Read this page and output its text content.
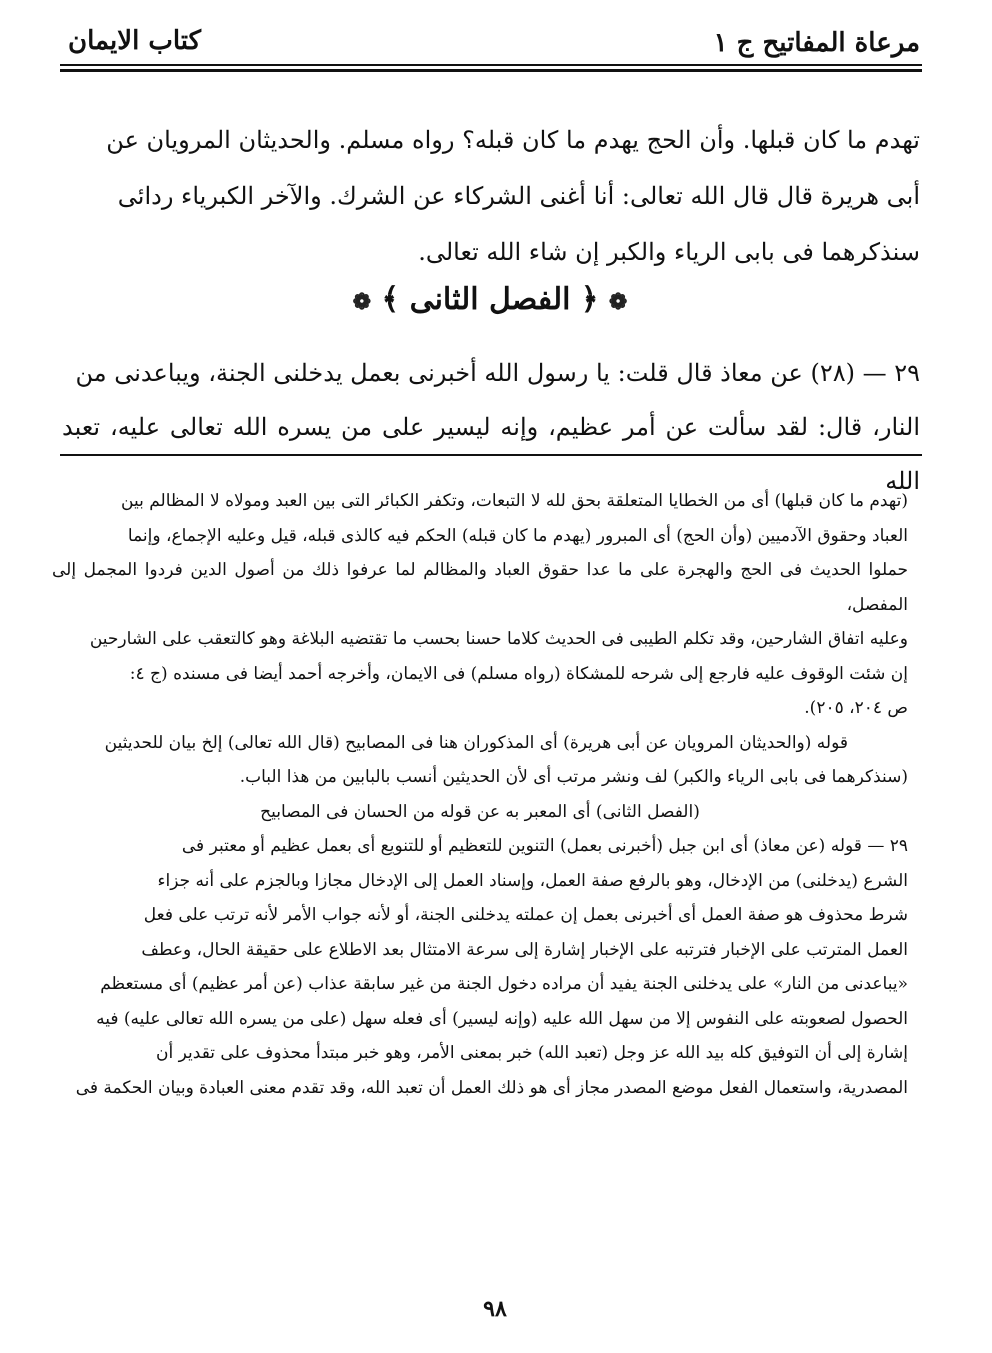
مرعاة المفاتيح ج ١
كتاب الايمان

تهدم ما كان قبلها. وأن الحج يهدم ما كان قبله؟ رواه مسلم. والحديثان المرويان عن

أبى هريرة قال قال الله تعالى: أنا أغنى الشركاء عن الشرك. والآخر الكبرياء ردائى

سنذكرهما فى بابى الرياء والكبر إن شاء الله تعالى.

❁ ﴿ الفصل الثانى ﴾ ❁

٢٩ — (٢٨) عن معاذ قال قلت: يا رسول الله أخبرنى بعمل يدخلنى الجنة، ويباعدنى من

النار، قال: لقد سألت عن أمر عظيم، وإنه ليسير على من يسره الله تعالى عليه، تعبد الله

(تهدم ما كان قبلها) أى من الخطايا المتعلقة بحق لله لا التبعات، وتكفر الكبائر التى بين العبد ومولاه لا المظالم بين

العباد وحقوق الآدميين (وأن الحج) أى المبرور (يهدم ما كان قبله) الحكم فيه كالذى قبله، قيل وعليه الإجماع، وإنما

حملوا الحديث فى الحج والهجرة على ما عدا حقوق العباد والمظالم لما عرفوا ذلك من أصول الدين فردوا المجمل إلى المفصل،

وعليه اتفاق الشارحين، وقد تكلم الطيبى فى الحديث كلاما حسنا بحسب ما تقتضيه البلاغة وهو كالتعقب على الشارحين

إن شئت الوقوف عليه فارجع إلى شرحه للمشكاة (رواه مسلم) فى الايمان، وأخرجه أحمد أيضا فى مسنده (ج ٤:

ص ٢٠٤، ٢٠٥).

قوله (والحديثان المرويان عن أبى هريرة) أى المذكوران هنا فى المصابيح (قال الله تعالى) إلخ بيان للحديثين

(سنذكرهما فى بابى الرياء والكبر) لف ونشر مرتب أى لأن الحديثين أنسب بالبابين من هذا الباب.

(الفصل الثانى) أى المعبر به عن قوله من الحسان فى المصابيح

٢٩ — قوله (عن معاذ) أى ابن جبل (أخبرنى بعمل) التنوين للتعظيم أو للتنويع أى بعمل عظيم أو معتبر فى

الشرع (يدخلنى) من الإدخال، وهو بالرفع صفة العمل، وإسناد العمل إلى الإدخال مجازا وبالجزم على أنه جزاء

شرط محذوف هو صفة العمل أى أخبرنى بعمل إن عملته يدخلنى الجنة، أو لأنه جواب الأمر لأنه ترتب على فعل

العمل المترتب على الإخبار فترتبه على الإخبار إشارة إلى سرعة الامتثال بعد الاطلاع على حقيقة الحال، وعطف

«يباعدنى من النار» على يدخلنى الجنة يفيد أن مراده دخول الجنة من غير سابقة عذاب (عن أمر عظيم) أى مستعظم

الحصول لصعوبته على النفوس إلا من سهل الله عليه (وإنه ليسير) أى فعله سهل (على من يسره الله تعالى عليه) فيه

إشارة إلى أن التوفيق كله بيد الله عز وجل (تعبد الله) خبر بمعنى الأمر، وهو خبر مبتدأ محذوف على تقدير أن

المصدرية، واستعمال الفعل موضع المصدر مجاز أى هو ذلك العمل أن تعبد الله، وقد تقدم معنى العبادة وبيان الحكمة فى

٩٨
